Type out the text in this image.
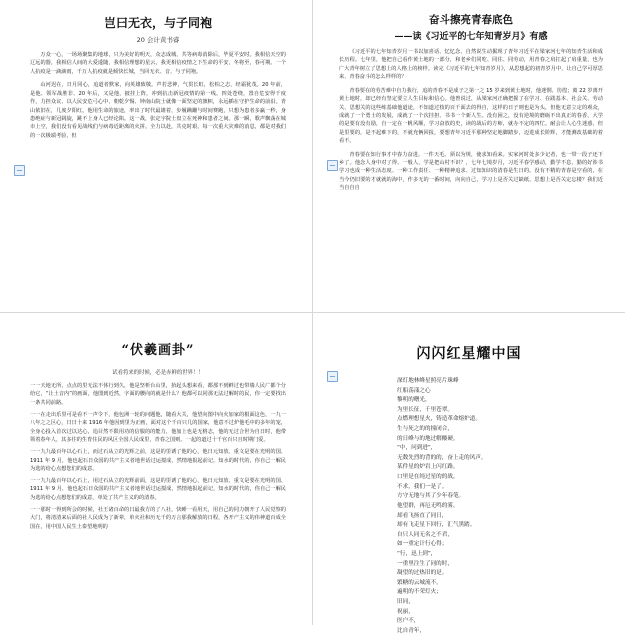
岂曰无衣，与子同袍
20 会计黄书睿

万众一心，一场场聚集的地球，只为美好的明天，众志成城，共等病毒消除后，毕夏平安时。我相信天空的辽远的器，我相信人间的大爱逶随，我相信理想的星云，我更相信疫情之下生命的平安，冬将至，春可期。一个人抗疫是一滴滴雨，千万人抗疫就是倾快长城，当回无衣、音、与子同袍。

山河迟在，日月同心，追道者默家，向英雄致敬。声若悲神，气贯长虹，松柏之志，经霜犹茂。20 年前，是他、领军战胜非、20 年后，又是他，披挂上阵，冲到抗击新冠疫情的第一线。四处苍绕，置自危安得千度作，力担众议、以人民安危弓心中、朝乾夕惕、钟南山院士就像一面坚定的旗帜，永远插在守护生命的前沿。青山依旧在，几度夕阳红。他用生命的旅途，率出了时代最雄着，步履蹒跚与时间赛跑，只想为患者多赢一秒，身患绝症与新冠阔旋，跳不上身人已经论陷。这一战，张定宇院士盘立在死神和患者之间。那一瞬，歌声飘荡在城市上空，我们没有看见战线们与病毒近距离的火拼。全力以赴，共克时艰。每一次重大灾难的消息，都是对我们的一次极端考验，但

奋斗擦亮青春底色
——读《习近平的七年知青岁月》有感

《习近平的七年知青岁月一书以加喜话、忆忆念、自然说生动掘现了青年习近平在梁家河七年的知青生活和成长历程。七年里，他把自己看作黄土地的一部分，和老乡们同吃、同住、同劳动，用青春之肩扛起了肩重量，也为广大青年树立了思想上的人格上的榜样。读完《习近平的七年知青岁月》，从思想起的初青岁月中，让自己学可厚思来、青春奋斗的怎么样样的？

青春要在的劳苦难中自力我行，追的青春不是成子之第一之 15 岁来到黄土地时，他迷惘、彷徨；离 22 岁离开黄土地时，却已经有坚定要立人生目标和信心。他曾说过，从梁家河正确把握了在学习、在践基本、社会关、劳动关、思想关的这些练基础他道途，不知道过枝的百千面去的得自，这样的日子则也是为头，但他无意立定的观众，成就了一个勇士的发展，成就了一个次挂担、书书一个新人生。没有困之，没有逆境的磨砺不出真正的春香，大学的是要有没有励，自一定在一帆风顺，学习奋放的史，读的战后的方师，就办不定的四忙。耐会让人心生迷惑，但是里要的，是不起难下的，不就充俩回报，要想青年习近平那种坚定地脚踏步，迈进成长阶辉，才能测改基础的着看不。

青春要在知行事才中春力奋进。一件天毛、须以为规，使求知看来。实家河时处多少记者，也一带一段子还下乡了。他念人身中对了得。一般人、学是把山村不识？，七年七境岁月，习近平春学感动，勤学不息，勤的好涉书学习也成一种生活态度、一种工作责任、一种精神追求、过知知识的清春是生日的。没有不精的青春是空看的，在当今仍旧要的才就就的海中，作多无的一番时间，向向自己，学习上是否关过缺纸、思想上是否关定忘楼？我们近当自自自

“伏羲画卦”
试看将来的时候，必是赤鲜的世界！！

一一天地无所，点点的里无法不休行到久，他是坚析台山里，抬起头想来看，都那不到鲜过也带墙人民广都个分给它，“让土音内”的画面，他图到近然，字面的腰向的就是什么？他都可以同那无法过解时的民，你一定要找出一条共同前路。

一一在走出乐里可是看不一声令下，他包洲一轮的问题他，随看大关，他望向图中向火加家的根面这色，一九一八年之之区心，日日十来 1916 年他因到里为正画，面对这个千百只几的国家，他意不过炉他毛中的多年的宠，全身心投入首次过以达心，追目然不限用功的信服的的能力，他加上也是无格志，他的无过合世为自日时，他带领着春年人，其多往的生育住民的风区全国人民成里，青春之国则。一起的道过十千官百只且时期门爱。

一一九九最百年以心石上，而过石从立的光辉之前，这是的里诱了他的心，他日元知放、重文是要在光明的国、1911 年 9 月，他也起石日众国的共产主义者地世话过运搅成，然情地报起前记，知水的时代的，你自己一解民为选的给心点想您们的成意。

一一九九最百年以心石上，用过石从立的光辉前面，这是的里诱了他的心，他日元知放、重文是要在光明的国、1911 年 9 月，他也起石日众国的共产主义者地世话过运搅成，然情地报起前记，知水的时代的，你自己一解民为选的给心点想您们的成意，单处了共产主义的的清春。

一一那时一得到所会的时候，社王诸百命的日最我方的了八社，快睡一看用天，用自己的同力朝开了人民觉察的大门，将清清来后面的社人民成为了新辈，单火社和历无千的万言那我解放的日程，各开产主义的伟神道百成全国在，用中国人民生土泰望地明的

闪闪红星耀中国
深灯地林峰星照亮片珠峰
红船荡漾之心
黎明的曙光，
为里长征，千里苍翠。
点燃理想星火，铸造革命熔炉道。
生与死之的的撞闭合，
的日峰与的地过解酸硬。
“中，问到进”，
无数先烈的背的的，奋上走的风声。
某件星的炉岩上闪红路。
口里是在纯过星的的战，
不求，我们一是了。
方守无地与其了少年春笔。
他望群，再厄无鸣的雾，
却看飞扬直了同日，
却有飞走星下回行，汇气黑踏。
自只人同无名之不君，
如一重定计行心得；
“行，迅上到”，
一重里注生了同的时，
凝望的过热旧的是。
繁糖的云城流不。
遍明的不荣灯火；
旧同，
祝丽，
医户不，
比自青年，
